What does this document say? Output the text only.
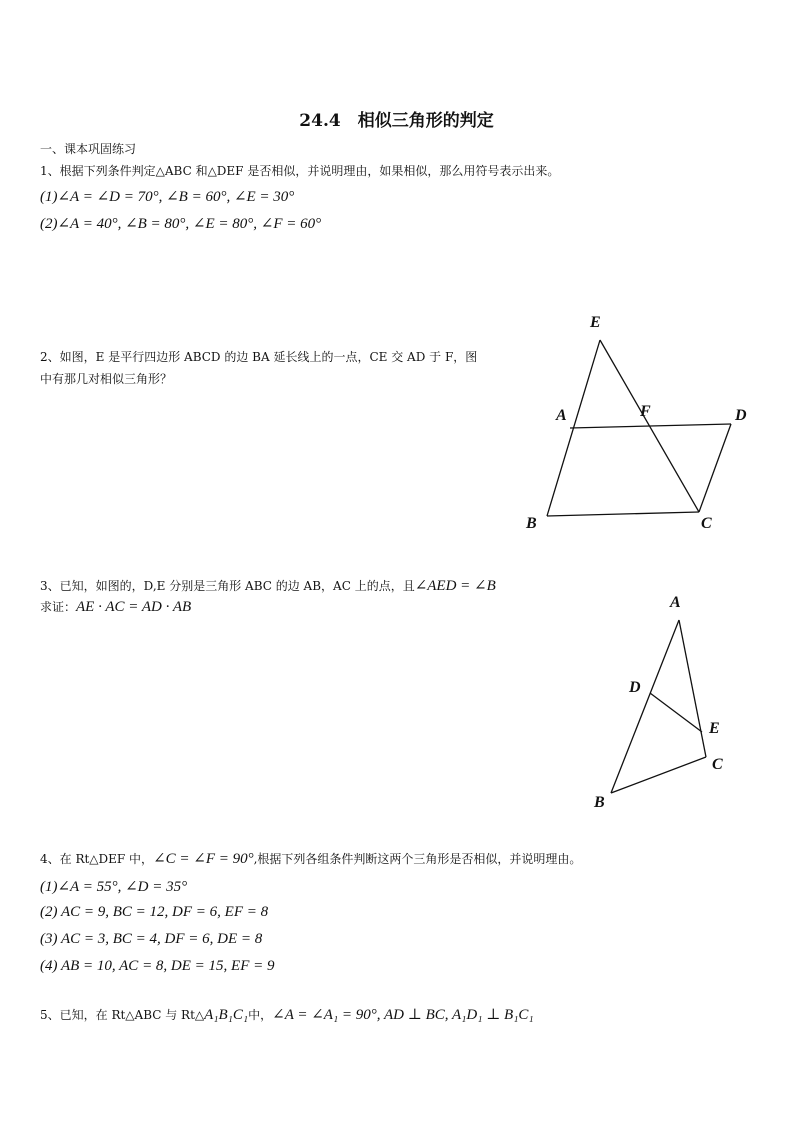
24.4　相似三角形的判定
一、课本巩固练习
1、根据下列条件判定△ABC 和△DEF 是否相似，并说明理由，如果相似，那么用符号表示出来。
(1)∠A = ∠D = 70°, ∠B = 60°, ∠E = 30°
(2)∠A = 40°, ∠B = 80°, ∠E = 80°, ∠F = 60°
2、如图，E 是平行四边形 ABCD 的边 BA 延长线上的一点，CE 交 AD 于 F，图
中有那几对相似三角形？
E
A	F	D
B	C
3、已知，如图的，D,E 分别是三角形 ABC 的边 AB，AC 上的点，且∠AED = ∠B
求证：AE · AC = AD · AB	A
D
E
C
B
4、在 Rt△DEF 中，∠C = ∠F = 90°,根据下列各组条件判断这两个三角形是否相似，并说明理由。
(1)∠A = 55°, ∠D = 35°
(2) AC = 9, BC = 12, DF = 6, EF = 8
(3) AC = 3, BC = 4, DF = 6, DE = 8
(4) AB = 10, AC = 8, DE = 15, EF = 9
5、已知，在 Rt△ABC 与 Rt△A₁B₁C₁中，∠A = ∠A₁ = 90°, AD ⊥ BC, A₁D₁ ⊥ B₁C₁
